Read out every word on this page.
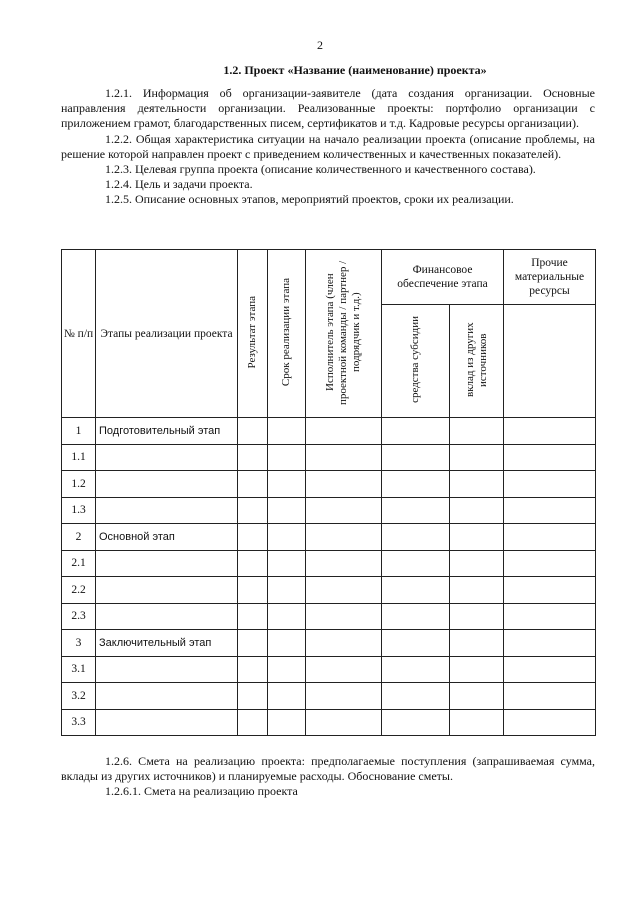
2
1.2. Проект «Название (наименование) проекта»

1.2.1. Информация об организации-заявителе (дата создания организации. Основные направления деятельности организации. Реализованные проекты: портфолио организации с приложением грамот, благодарственных писем, сертификатов и т.д. Кадровые ресурсы организации).

1.2.2. Общая характеристика ситуации на начало реализации проекта (описание проблемы, на решение которой направлен проект с приведением количественных и качественных показателей).

1.2.3. Целевая группа проекта (описание количественного и качественного состава).

1.2.4. Цель и задачи проекта.

1.2.5. Описание основных этапов, мероприятий проектов, сроки их реализации.

№ п/п	Этапы реализации проекта	Результат этапа	Срок реализации этапа	Исполнитель этапа (член проектной команды / партнер / подрядчик и т.д.)	Финансовое обеспечение этапа		Прочие материальные ресурсы
					средства субсидии	вклад из других источников	
1	Подготовительный этап						
1.1							
1.2							
1.3							
2	Основной этап						
2.1							
2.2							
2.3							
3	Заключительный этап						
3.1							
3.2							
3.3							

1.2.6. Смета на реализацию проекта: предполагаемые поступления (запрашиваемая сумма, вклады из других источников) и планируемые расходы. Обоснование сметы.

1.2.6.1. Смета на реализацию проекта
